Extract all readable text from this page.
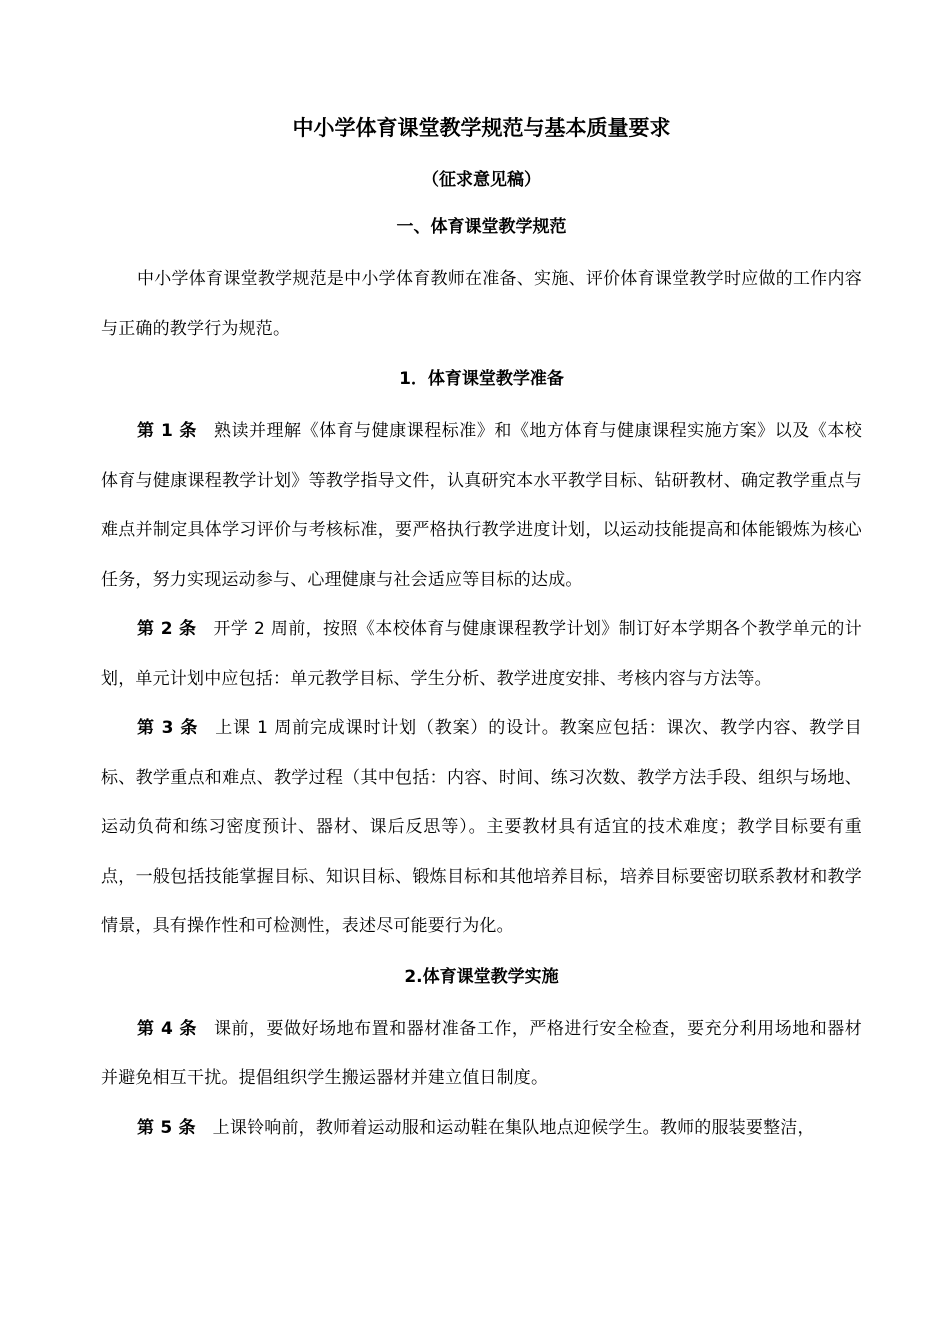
中小学体育课堂教学规范与基本质量要求
（征求意见稿）
一、体育课堂教学规范

中小学体育课堂教学规范是中小学体育教师在准备、实施、评价体育课堂教学时应做的工作内容与正确的教学行为规范。

1．体育课堂教学准备

第 1 条 熟读并理解《体育与健康课程标准》和《地方体育与健康课程实施方案》以及《本校体育与健康课程教学计划》等教学指导文件，认真研究本水平教学目标、钻研教材、确定教学重点与难点并制定具体学习评价与考核标准，要严格执行教学进度计划，以运动技能提高和体能锻炼为核心任务，努力实现运动参与、心理健康与社会适应等目标的达成。

第 2 条 开学 2 周前，按照《本校体育与健康课程教学计划》制订好本学期各个教学单元的计划，单元计划中应包括：单元教学目标、学生分析、教学进度安排、考核内容与方法等。

第 3 条 上课 1 周前完成课时计划（教案）的设计。教案应包括：课次、教学内容、教学目标、教学重点和难点、教学过程（其中包括：内容、时间、练习次数、教学方法手段、组织与场地、运动负荷和练习密度预计、器材、课后反思等）。主要教材具有适宜的技术难度；教学目标要有重点，一般包括技能掌握目标、知识目标、锻炼目标和其他培养目标，培养目标要密切联系教材和教学情景，具有操作性和可检测性，表述尽可能要行为化。

2.体育课堂教学实施

第 4 条 课前，要做好场地布置和器材准备工作，严格进行安全检查，要充分利用场地和器材并避免相互干扰。提倡组织学生搬运器材并建立值日制度。

第 5 条 上课铃响前，教师着运动服和运动鞋在集队地点迎候学生。教师的服装要整洁，
